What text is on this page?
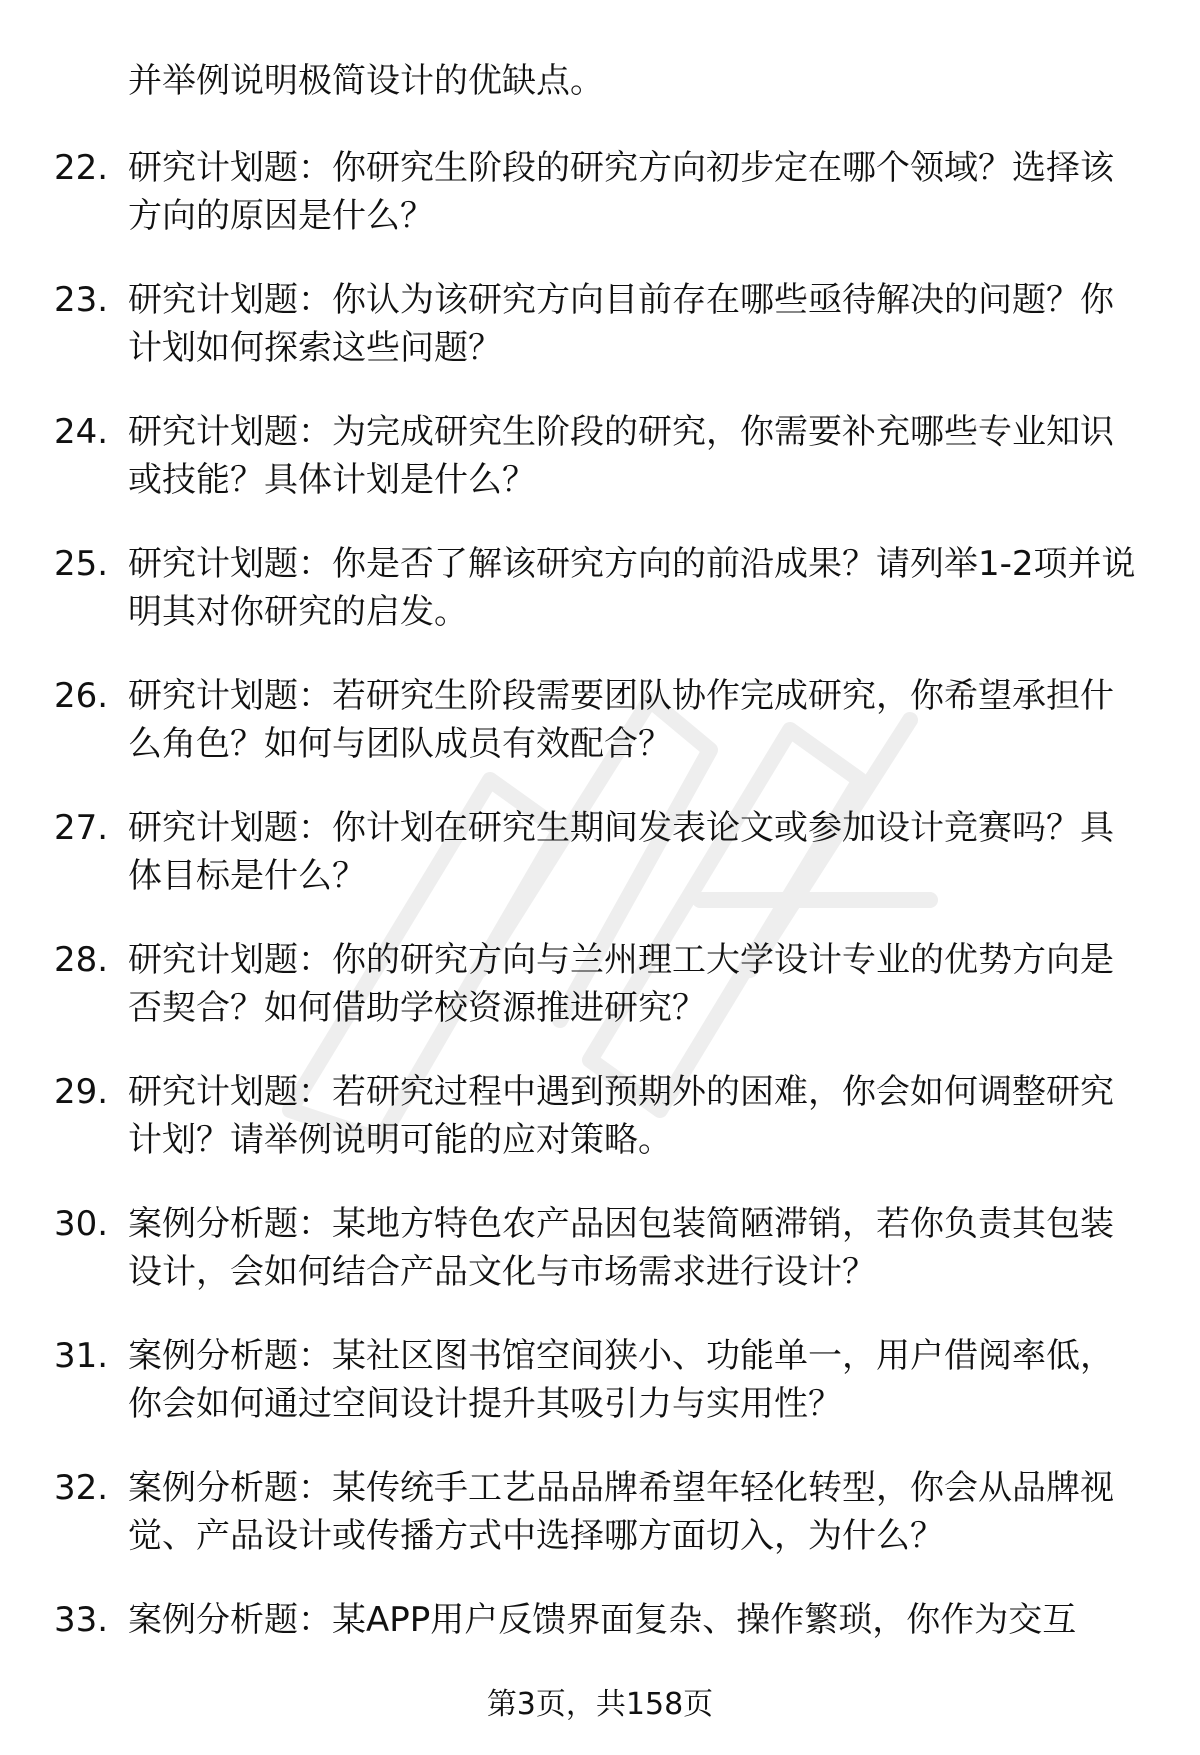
并举例说明极简设计的优缺点。
22. 研究计划题：你研究生阶段的研究方向初步定在哪个领域？选择该方向的原因是什么？
23. 研究计划题：你认为该研究方向目前存在哪些亟待解决的问题？你计划如何探索这些问题？
24. 研究计划题：为完成研究生阶段的研究，你需要补充哪些专业知识或技能？具体计划是什么？
25. 研究计划题：你是否了解该研究方向的前沿成果？请列举1-2项并说明其对你研究的启发。
26. 研究计划题：若研究生阶段需要团队协作完成研究，你希望承担什么角色？如何与团队成员有效配合？
27. 研究计划题：你计划在研究生期间发表论文或参加设计竞赛吗？具体目标是什么？
28. 研究计划题：你的研究方向与兰州理工大学设计专业的优势方向是否契合？如何借助学校资源推进研究？
29. 研究计划题：若研究过程中遇到预期外的困难，你会如何调整研究计划？请举例说明可能的应对策略。
30. 案例分析题：某地方特色农产品因包装简陋滞销，若你负责其包装设计，会如何结合产品文化与市场需求进行设计？
31. 案例分析题：某社区图书馆空间狭小、功能单一，用户借阅率低，你会如何通过空间设计提升其吸引力与实用性？
32. 案例分析题：某传统手工艺品品牌希望年轻化转型，你会从品牌视觉、产品设计或传播方式中选择哪方面切入，为什么？
33. 案例分析题：某APP用户反馈界面复杂、操作繁琐，你作为交互
第3页，共158页
